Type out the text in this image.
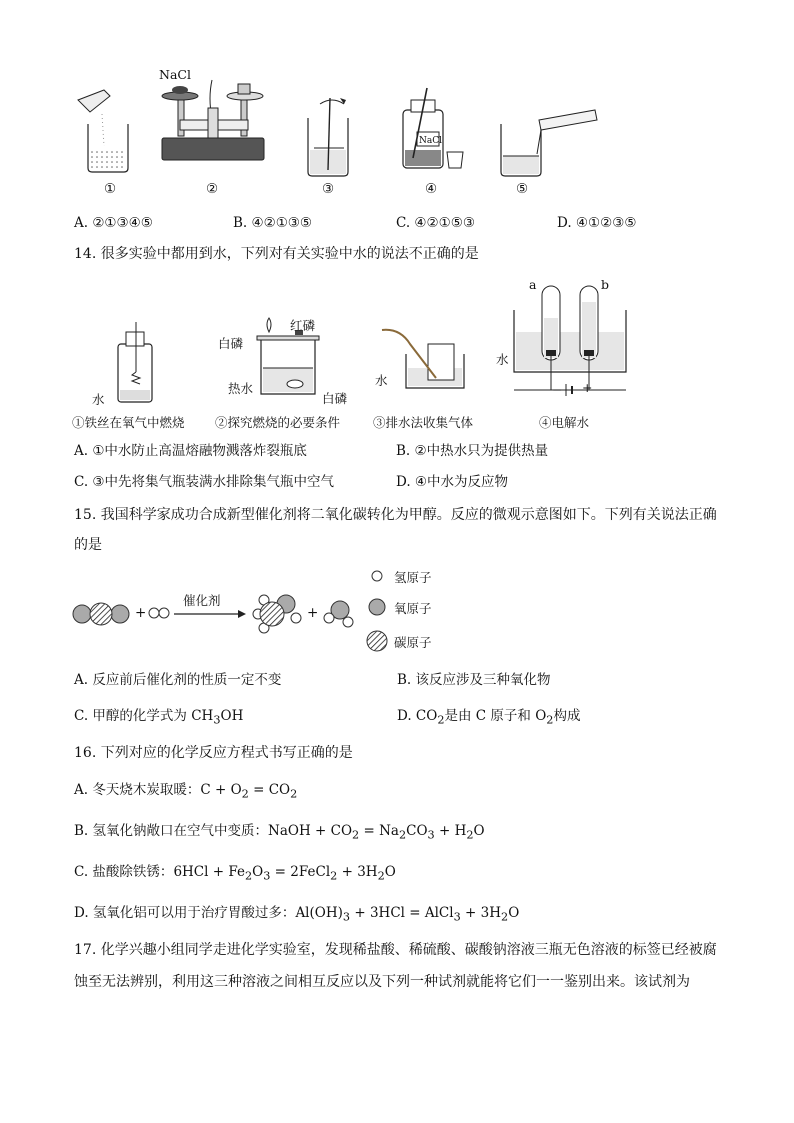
NaCl
NaCl
①	②	③	④	⑤
A. ②①③④⑤	B. ④②①③⑤	C. ④②①⑤③	D. ④①②③⑤
14. 很多实验中都用到水，下列对有关实验中水的说法不正确的是
水
白磷
红磷
热水
白磷
水
a	b
水
− +
①铁丝在氧气中燃烧 ②探究燃烧的必要条件	③排水法收集气体	④电解水
A. ①中水防止高温熔融物溅落炸裂瓶底	B. ②中热水只为提供热量
C. ③中先将集气瓶装满水排除集气瓶中空气	D. ④中水为反应物
15. 我国科学家成功合成新型催化剂将二氧化碳转化为甲醇。反应的微观示意图如下。下列有关说法正确
的是
+
催化剂
+
氢原子
氧原子
碳原子
A. 反应前后催化剂的性质一定不变	B. 该反应涉及三种氧化物
C. 甲醇的化学式为 $CH_3OH$	D. $CO_2$是由 C 原子和 $O_2$构成
16. 下列对应的化学反应方程式书写正确的是
A. 冬天烧木炭取暖：$C + O_2 = CO_2$
B. 氢氧化钠敞口在空气中变质：NaOH + $CO_2 = Na_2CO_3 + H_2O$
C. 盐酸除铁锈：$6HCl + Fe_2O_3$ = 2FeCl$_2$ + $3H_2O$
D. 氢氧化铝可以用于治疗胃酸过多：$Al(OH)_3 + 3HCl$ = AlCl$_3$ + $3H_2O$
17. 化学兴趣小组同学走进化学实验室，发现稀盐酸、稀硫酸、碳酸钠溶液三瓶无色溶液的标签已经被腐
蚀至无法辨别，利用这三种溶液之间相互反应以及下列一种试剂就能将它们一一鉴别出来。该试剂为
